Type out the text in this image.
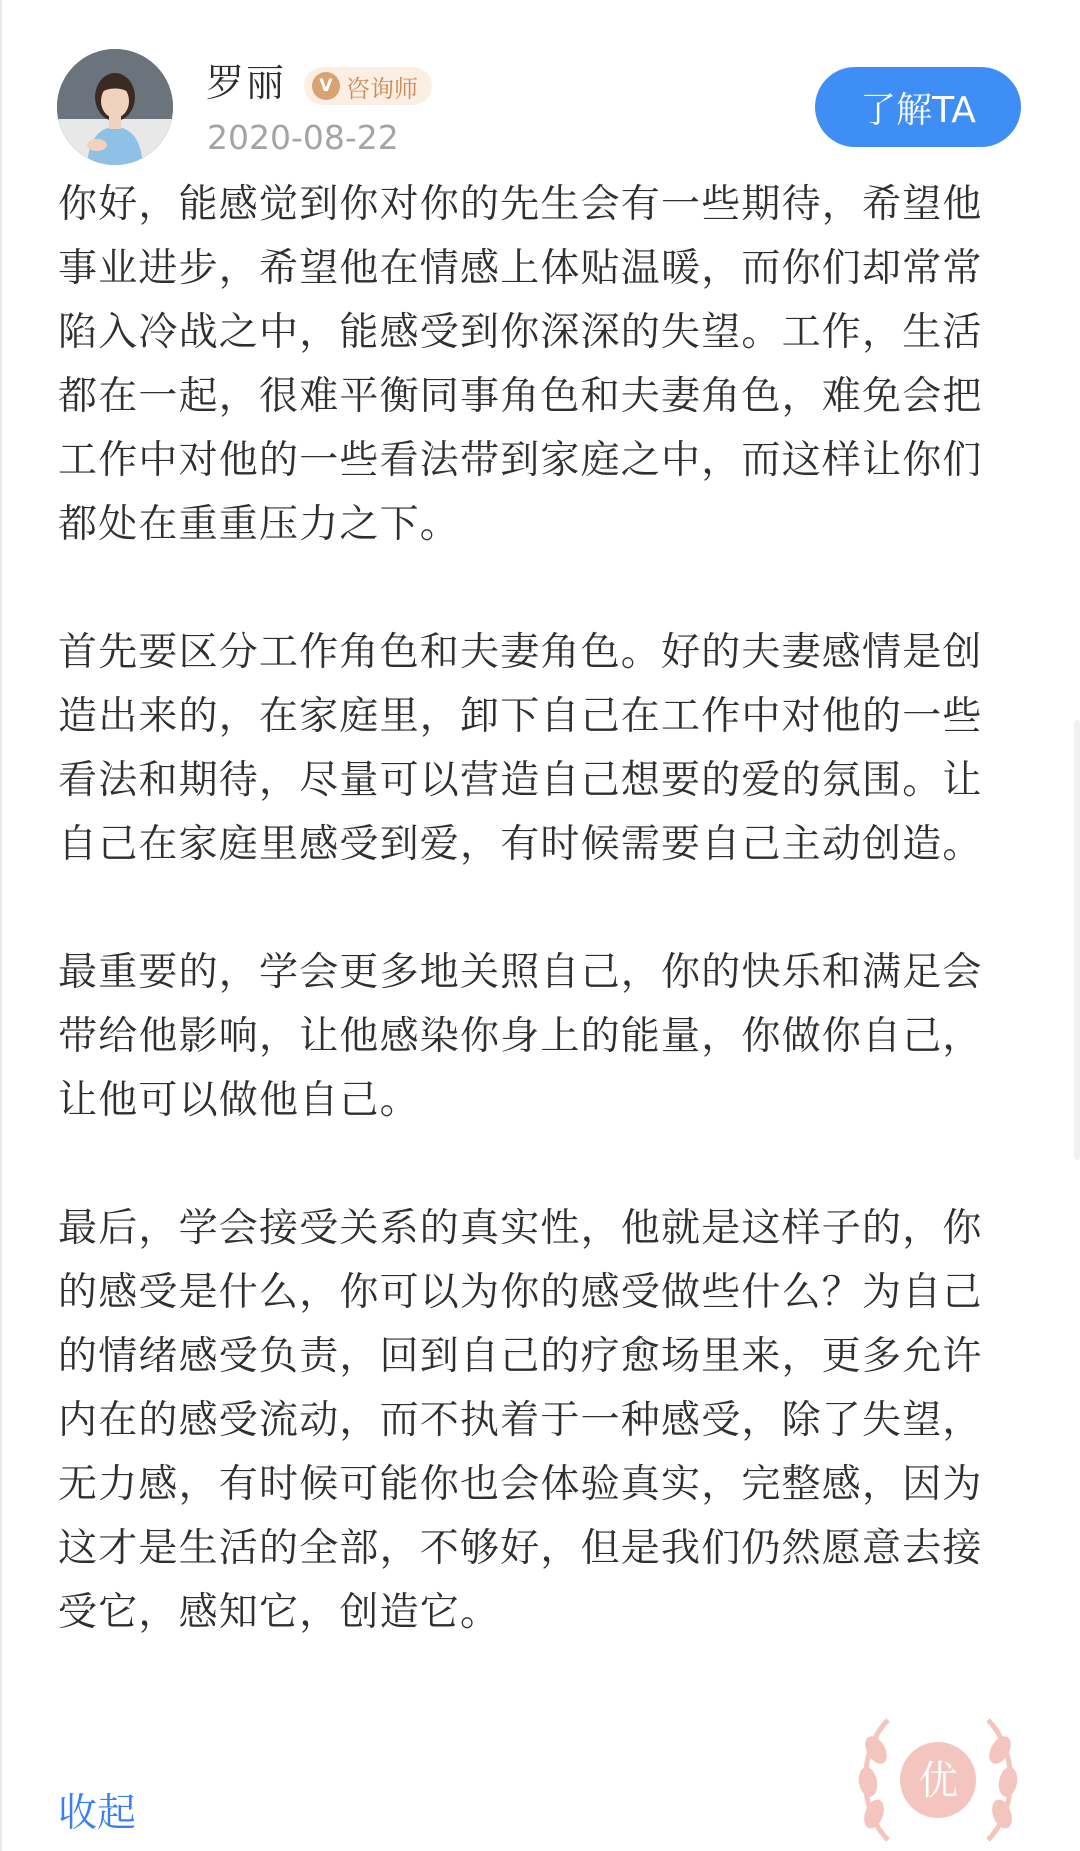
罗丽	V 咨询师
2020-08-22
了解TA

你好，能感觉到你对你的先生会有一些期待，希望他事业进步，希望他在情感上体贴温暖，而你们却常常陷入冷战之中，能感受到你深深的失望。工作，生活都在一起，很难平衡同事角色和夫妻角色，难免会把工作中对他的一些看法带到家庭之中，而这样让你们都处在重重压力之下。

首先要区分工作角色和夫妻角色。好的夫妻感情是创造出来的，在家庭里，卸下自己在工作中对他的一些看法和期待，尽量可以营造自己想要的爱的氛围。让自己在家庭里感受到爱，有时候需要自己主动创造。

最重要的，学会更多地关照自己，你的快乐和满足会带给他影响，让他感染你身上的能量，你做你自己，让他可以做他自己。

最后，学会接受关系的真实性，他就是这样子的，你的感受是什么，你可以为你的感受做些什么？为自己的情绪感受负责，回到自己的疗愈场里来，更多允许内在的感受流动，而不执着于一种感受，除了失望，无力感，有时候可能你也会体验真实，完整感，因为这才是生活的全部，不够好，但是我们仍然愿意去接受它，感知它，创造它。

收起
优
